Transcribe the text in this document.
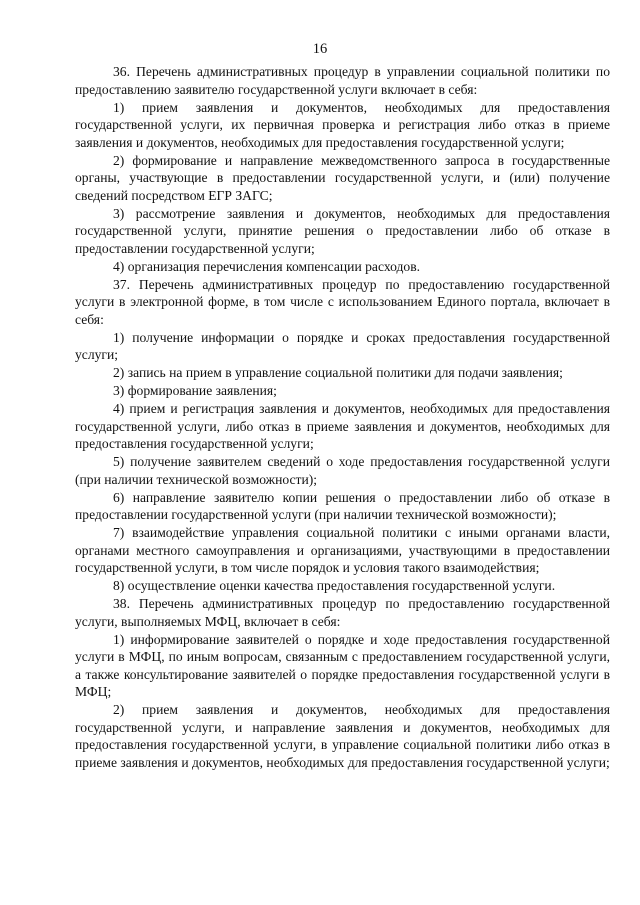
16

36. Перечень административных процедур в управлении социальной политики по предоставлению заявителю государственной услуги включает в себя:

1) прием заявления и документов, необходимых для предоставления государственной услуги, их первичная проверка и регистрация либо отказ в приеме заявления и документов, необходимых для предоставления государственной услуги;

2) формирование и направление межведомственного запроса в государственные органы, участвующие в предоставлении государственной услуги, и (или) получение сведений посредством ЕГР ЗАГС;

3) рассмотрение заявления и документов, необходимых для предоставления государственной услуги, принятие решения о предоставлении либо об отказе в предоставлении государственной услуги;

4) организация перечисления компенсации расходов.

37. Перечень административных процедур по предоставлению государственной услуги в электронной форме, в том числе с использованием Единого портала, включает в себя:

1) получение информации о порядке и сроках предоставления государственной услуги;

2) запись на прием в управление социальной политики для подачи заявления;

3) формирование заявления;

4) прием и регистрация заявления и документов, необходимых для предоставления государственной услуги, либо отказ в приеме заявления и документов, необходимых для предоставления государственной услуги;

5) получение заявителем сведений о ходе предоставления государственной услуги (при наличии технической возможности);

6) направление заявителю копии решения о предоставлении либо об отказе в предоставлении государственной услуги (при наличии технической возможности);

7) взаимодействие управления социальной политики с иными органами власти, органами местного самоуправления и организациями, участвующими в предоставлении государственной услуги, в том числе порядок и условия такого взаимодействия;

8) осуществление оценки качества предоставления государственной услуги.

38. Перечень административных процедур по предоставлению государственной услуги, выполняемых МФЦ, включает в себя:

1) информирование заявителей о порядке и ходе предоставления государственной услуги в МФЦ, по иным вопросам, связанным с предоставлением государственной услуги, а также консультирование заявителей о порядке предоставления государственной услуги в МФЦ;

2) прием заявления и документов, необходимых для предоставления государственной услуги, и направление заявления и документов, необходимых для предоставления государственной услуги, в управление социальной политики либо отказ в приеме заявления и документов, необходимых для предоставления государственной услуги;
